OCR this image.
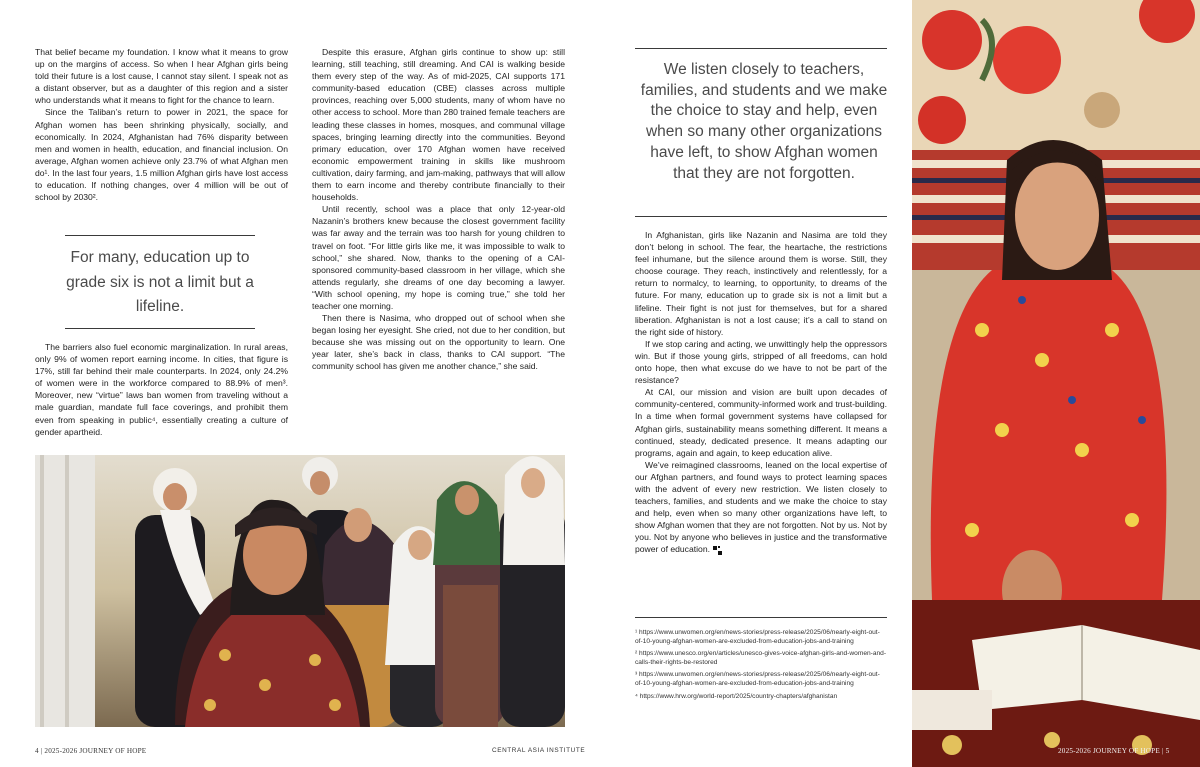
That belief became my foundation. I know what it means to grow up on the margins of access. So when I hear Afghan girls being told their future is a lost cause, I cannot stay silent. I speak not as a distant observer, but as a daughter of this region and a sister who understands what it means to fight for the chance to learn.

Since the Taliban’s return to power in 2021, the space for Afghan women has been shrinking physically, socially, and economically. In 2024, Afghanistan had 76% disparity between men and women in health, education, and financial inclusion. On average, Afghan women achieve only 23.7% of what Afghan men do¹. In the last four years, 1.5 million Afghan girls have lost access to education. If nothing changes, over 4 million will be out of school by 2030².

For many, education up to grade six is not a limit but a lifeline.

The barriers also fuel economic marginalization. In rural areas, only 9% of women report earning income. In cities, that figure is 17%, still far behind their male counterparts. In 2024, only 24.2% of women were in the workforce compared to 88.9% of men³. Moreover, new “virtue” laws ban women from traveling without a male guardian, mandate full face coverings, and prohibit them even from speaking in public⁴, essentially creating a culture of gender apartheid.

Despite this erasure, Afghan girls continue to show up: still learning, still teaching, still dreaming. And CAI is walking beside them every step of the way. As of mid-2025, CAI supports 171 community-based education (CBE) classes across multiple provinces, reaching over 5,000 students, many of whom have no other access to school. More than 280 trained female teachers are leading these classes in homes, mosques, and communal village spaces, bringing learning directly into the communities. Beyond primary education, over 170 Afghan women have received economic empowerment training in skills like mushroom cultivation, dairy farming, and jam-making, pathways that will allow them to earn income and thereby contribute financially to their households.

Until recently, school was a place that only 12-year-old Nazanin’s brothers knew because the closest government facility was far away and the terrain was too harsh for young children to travel on foot. “For little girls like me, it was impossible to walk to school,” she shared. Now, thanks to the opening of a CAI-sponsored community-based classroom in her village, which she attends regularly, she dreams of one day becoming a lawyer. “With school opening, my hope is coming true,” she told her teacher one morning.

Then there is Nasima, who dropped out of school when she began losing her eyesight. She cried, not due to her condition, but because she was missing out on the opportunity to learn. One year later, she’s back in class, thanks to CAI support. “The community school has given me another chance,” she said.

4 | 2025-2026 JOURNEY OF HOPE	CENTRAL ASIA INSTITUTE
We listen closely to teachers, families, and students and we make the choice to stay and help, even when so many other organizations have left, to show Afghan women that they are not forgotten.

In Afghanistan, girls like Nazanin and Nasima are told they don’t belong in school. The fear, the heartache, the restrictions feel inhumane, but the silence around them is worse. Still, they choose courage. They reach, instinctively and relentlessly, for a return to normalcy, to learning, to opportunity, to dreams of the future. For many, education up to grade six is not a limit but a lifeline. Their fight is not just for themselves, but for a shared liberation. Afghanistan is not a lost cause; it’s a call to stand on the right side of history.

If we stop caring and acting, we unwittingly help the oppressors win. But if those young girls, stripped of all freedoms, can hold onto hope, then what excuse do we have to not be part of the resistance?

At CAI, our mission and vision are built upon decades of community-centered, community-informed work and trust-building. In a time when formal government systems have collapsed for Afghan girls, sustainability means something different. It means a continued, steady, dedicated presence. It means adapting our programs, again and again, to keep education alive.

We’ve reimagined classrooms, leaned on the local expertise of our Afghan partners, and found ways to protect learning spaces with the advent of every new restriction. We listen closely to teachers, families, and students and we make the choice to stay and help, even when so many other organizations have left, to show Afghan women that they are not forgotten. Not by us. Not by you. Not by anyone who believes in justice and the transformative power of education.

¹ https://www.unwomen.org/en/news-stories/press-release/2025/06/nearly-eight-out-of-10-young-afghan-women-are-excluded-from-education-jobs-and-training

² https://www.unesco.org/en/articles/unesco-gives-voice-afghan-girls-and-women-and-calls-their-rights-be-restored

³ https://www.unwomen.org/en/news-stories/press-release/2025/06/nearly-eight-out-of-10-young-afghan-women-are-excluded-from-education-jobs-and-training

⁴ https://www.hrw.org/world-report/2025/country-chapters/afghanistan

2025-2026 JOURNEY OF HOPE | 5
